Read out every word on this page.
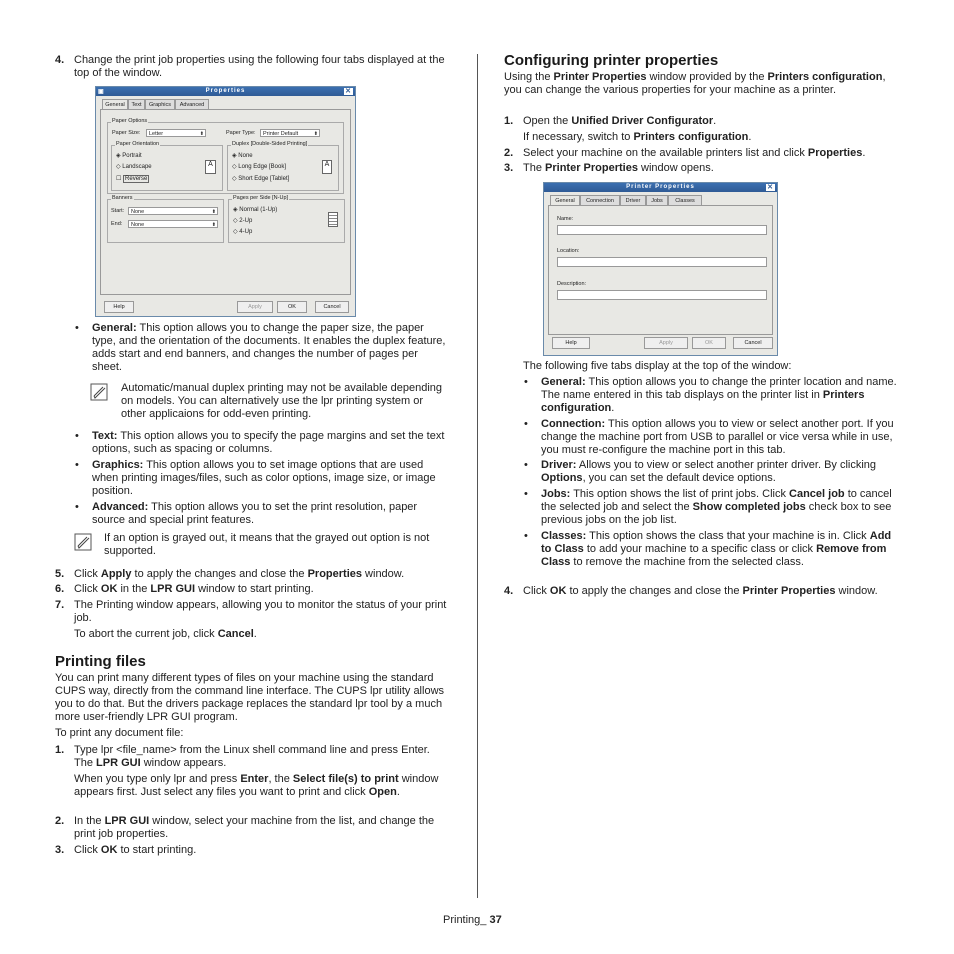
4. Change the print job properties using the following four tabs displayed at the top of the window.
▣	Properties	✕
General	Text	Graphics	Advanced
Paper Options
Paper Size:	Letter	⬍	Paper Type:	Printer Default	⬍
Paper Orientation
◈ Portrait
◇ Landscape
☐ Reverse
A
Duplex [Double-Sided Printing]
◈ None
◇ Long Edge [Book]
◇ Short Edge [Tablet]
A
Banners
Start:	None	⬍
End:	None	⬍
Pages per Side [N-Up]
◈ Normal (1-Up)
◇ 2-Up
◇ 4-Up
Help	Apply	OK	Cancel
• General: This option allows you to change the paper size, the paper type, and the orientation of the documents. It enables the duplex feature, adds start and end banners, and changes the number of pages per sheet.
Automatic/manual duplex printing may not be available depending on models. You can alternatively use the lpr printing system or other applicaions for odd-even printing.
• Text: This option allows you to specify the page margins and set the text options, such as spacing or columns.
• Graphics: This option allows you to set image options that are used when printing images/files, such as color options, image size, or image position.
• Advanced: This option allows you to set the print resolution, paper source and special print features.
If an option is grayed out, it means that the grayed out option is not supported.
5. Click Apply to apply the changes and close the Properties window.
6. Click OK in the LPR GUI window to start printing.
7. The Printing window appears, allowing you to monitor the status of your print job.
To abort the current job, click Cancel.
Printing files
You can print many different types of files on your machine using the standard CUPS way, directly from the command line interface. The CUPS lpr utility allows you to do that. But the drivers package replaces the standard lpr tool by a much more user-friendly LPR GUI program.
To print any document file:
1. Type lpr <file_name> from the Linux shell command line and press Enter. The LPR GUI window appears.
When you type only lpr and press Enter, the Select file(s) to print window appears first. Just select any files you want to print and click Open.
2. In the LPR GUI window, select your machine from the list, and change the print job properties.
3. Click OK to start printing.
Configuring printer properties
Using the Printer Properties window provided by the Printers configuration, you can change the various properties for your machine as a printer.
1. Open the Unified Driver Configurator.
If necessary, switch to Printers configuration.
2. Select your machine on the available printers list and click Properties.
3. The Printer Properties window opens.
Printer Properties	✕
General	Connection	Driver	Jobs	Classes
Name:
Location:
Description:
Help	Apply	OK	Cancel
The following five tabs display at the top of the window:
• General: This option allows you to change the printer location and name. The name entered in this tab displays on the printer list in Printers configuration.
• Connection: This option allows you to view or select another port. If you change the machine port from USB to parallel or vice versa while in use, you must re-configure the machine port in this tab.
• Driver: Allows you to view or select another printer driver. By clicking Options, you can set the default device options.
• Jobs: This option shows the list of print jobs. Click Cancel job to cancel the selected job and select the Show completed jobs check box to see previous jobs on the job list.
• Classes: This option shows the class that your machine is in. Click Add to Class to add your machine to a specific class or click Remove from Class to remove the machine from the selected class.
4. Click OK to apply the changes and close the Printer Properties window.
Printing_ 37
